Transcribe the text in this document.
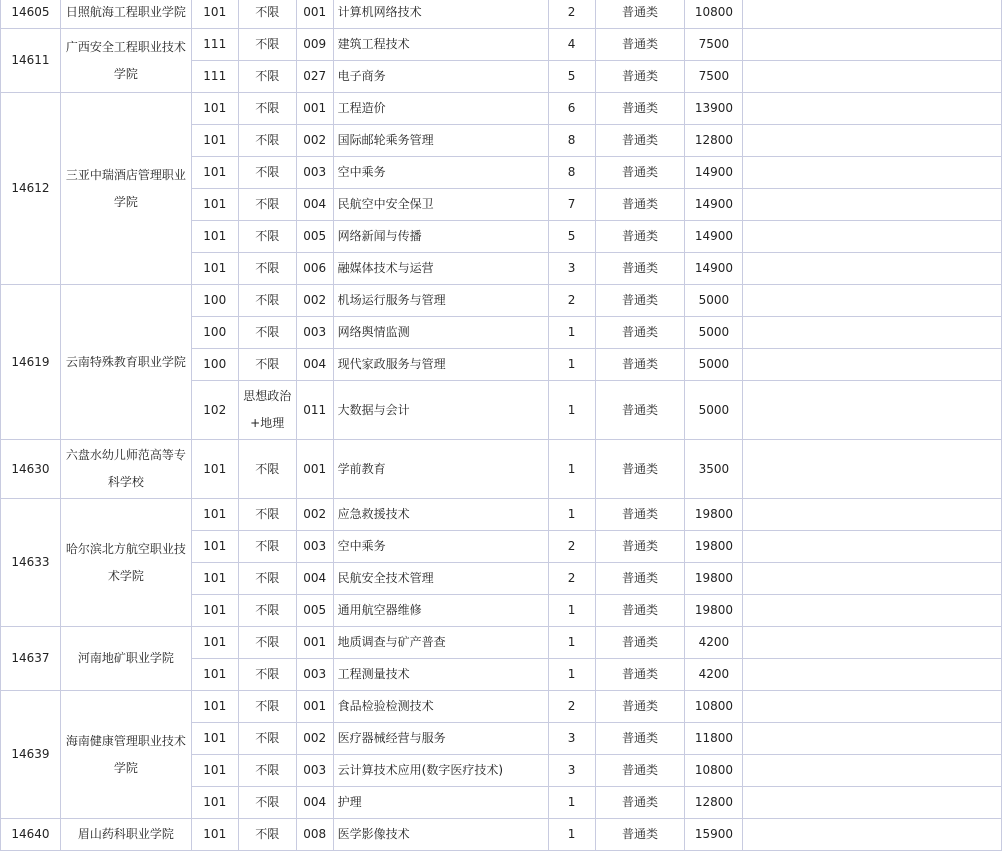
14605	日照航海工程职业学院	101	不限	001	计算机网络技术	2	普通类	10800	
14611	广西安全工程职业技术学院	111	不限	009	建筑工程技术	4	普通类	7500	
		111	不限	027	电子商务	5	普通类	7500	
14612	三亚中瑞酒店管理职业学院	101	不限	001	工程造价	6	普通类	13900	
		101	不限	002	国际邮轮乘务管理	8	普通类	12800	
		101	不限	003	空中乘务	8	普通类	14900	
		101	不限	004	民航空中安全保卫	7	普通类	14900	
		101	不限	005	网络新闻与传播	5	普通类	14900	
		101	不限	006	融媒体技术与运营	3	普通类	14900	
14619	云南特殊教育职业学院	100	不限	002	机场运行服务与管理	2	普通类	5000	
		100	不限	003	网络舆情监测	1	普通类	5000	
		100	不限	004	现代家政服务与管理	1	普通类	5000	
		102	思想政治+地理	011	大数据与会计	1	普通类	5000	
14630	六盘水幼儿师范高等专科学校	101	不限	001	学前教育	1	普通类	3500	
14633	哈尔滨北方航空职业技术学院	101	不限	002	应急救援技术	1	普通类	19800	
		101	不限	003	空中乘务	2	普通类	19800	
		101	不限	004	民航安全技术管理	2	普通类	19800	
		101	不限	005	通用航空器维修	1	普通类	19800	
14637	河南地矿职业学院	101	不限	001	地质调查与矿产普查	1	普通类	4200	
		101	不限	003	工程测量技术	1	普通类	4200	
14639	海南健康管理职业技术学院	101	不限	001	食品检验检测技术	2	普通类	10800	
		101	不限	002	医疗器械经营与服务	3	普通类	11800	
		101	不限	003	云计算技术应用(数字医疗技术)	3	普通类	10800	
		101	不限	004	护理	1	普通类	12800	
14640	眉山药科职业学院	101	不限	008	医学影像技术	1	普通类	15900	
